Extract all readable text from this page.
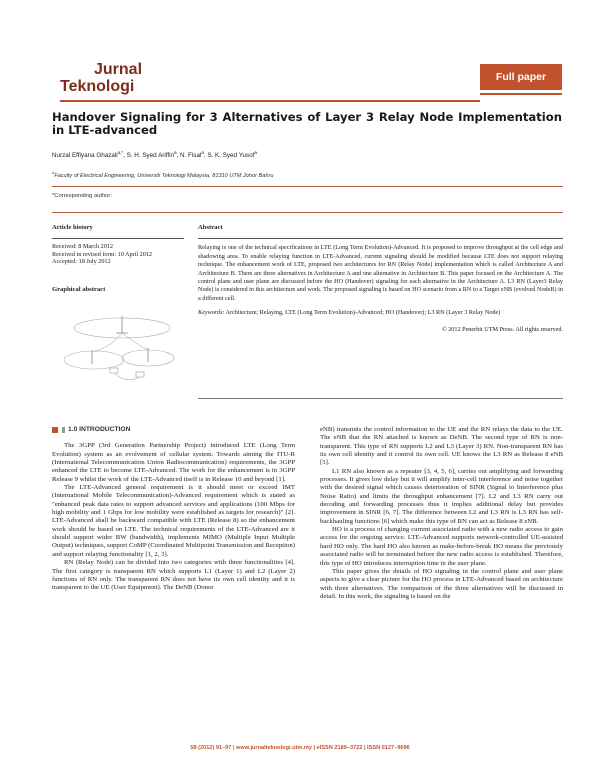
Jurnal
Teknologi
Full paper
Handover Signaling for 3 Alternatives of Layer 3 Relay Node Implementation in LTE-advanced
Nurzal Effiyana Ghazali$^{a,*}$, S. H. Syed Ariffin$^a$, N. Fisal$^a$, S. K. Syed Yusof$^a$
$^a$Faculty of Electrical Engineering, Universiti Teknologi Malaysia, 81310 UTM Johor Bahru
*Corresponding author:
Article history

Received: 8 March 2012

Received in revised form: 10 April 2012

Accepted: 18 July 2012

Graphical abstract
Abstract

Relaying is one of the technical specifications in LTE (Long Term Evolution)-Advanced. It is proposed to improve throughput at the cell edge and shadowing area. To enable relaying function in LTE-Advanced, current signaling should be modified because LTE does not support relaying technique. The enhancement work of LTE, proposed two architectures for RN (Relay Node) implementation which is called Architecture A and Architecture B. There are three alternatives in Architecture A and one alternative in Architecture B. This paper focused on the Architecture A. The control plane and user plane are discussed before the HO (Handover) signaling for each alternative in the Architecture A. L3 RN (Layer3 Relay Node) is considered in this architecture and work. The proposed signaling is based on HO scenario from a RN to a Target eNB (evolved NodeB) in a different cell.

Keywords: Architecture; Relaying, LTE (Long Term Evolution)-Advanced; HO (Handover); L3 RN (Layer 3 Relay Node)

© 2012 Penerbit UTM Press. All rights reserved.

1.0 INTRODUCTION

The 3GPP (3rd Generation Partnership Project) introduced LTE (Long Term Evolution) system as an evolvement of cellular system. Towards aiming the ITU-R (International Telecommunication Union Radiocommunication) requirements, the 3GPP enhanced the LTE to become LTE-Advanced. The work for the enhancement is in 3GPP Release 9 whilst the work of the LTE-Advanced itself is in Release 10 and beyond [1].

The LTE-Advanced general requirement is it should meet or exceed IMT (International Mobile Telecommunication)-Advanced requirement which is stated as "enhanced peak data rates to support advanced services and applications (100 Mbps for high mobility and 1 Gbps for low mobility were established as targets for research)" [2]. LTE-Advanced shall be backward compatible with LTE (Release 8) so the enhancement work should be based on LTE. The technical requirements of the LTE-Advanced are it should support wider BW (bandwidth), implements MIMO (Multiple Input Multiple Output) techniques, support CoMP (Coordinated Multipoint Transmission and Reception) and support relaying functionality [1, 2, 3].

RN (Relay Node) can be divided into two categories with three functionalities [4]. The first category is transparent RN which supports L1 (Layer 1) and L2 (Layer 2) functions of RN only. The transparent RN does not have its own cell identity and it is transparent to the UE (User Equipment). The DeNB (Donor

eNB) transmits the control information to the UE and the RN relays the data to the UE. The eNB that the RN attached is known as DeNB. The second type of RN is non-transparent. This type of RN supports L2 and L3 (Layer 3) RN. Non-transparent RN has its own cell identity and it control its own cell. UE knows the L3 RN as Release 8 eNB [5].

L1 RN also known as a repeater [3, 4, 5, 6], carries out amplifying and forwarding processes. It gives low delay but it will amplify inter-cell interference and noise together with the desired signal which causes deterioration of SINR (Signal to Interference plus Noise Ratio) and limits the throughput enhancement [7]. L2 and L3 RN carry out decoding and forwarding processes thus it implies additional delay but provides improvement in SINR [6, 7]. The difference between L2 and L3 RN is L3 RN has self-backhauling functions [6] which make this type of RN can act as Release 8 eNB.

HO is a process of changing current associated radio with a new radio access to gain access for the ongoing service. LTE-Advanced supports network-controlled UE-assisted hard HO only. The hard HO also known as make-before-break HO means the previously associated radio will be terminated before the new radio access is established. Therefore, this type of HO introduces interruption time in the user plane.

This paper gives the details of HO signaling in the control plane and user plane aspects to give a clear picture for the HO process in LTE-Advanced based on architecture with three alternatives. The comparison of the three alternatives will be discussed in detail. In this work, the signaling is based on the

58 (2012) 91–97 | www.jurnalteknologi.utm.my | eISSN 2180–3722 | ISSN 0127–9696
